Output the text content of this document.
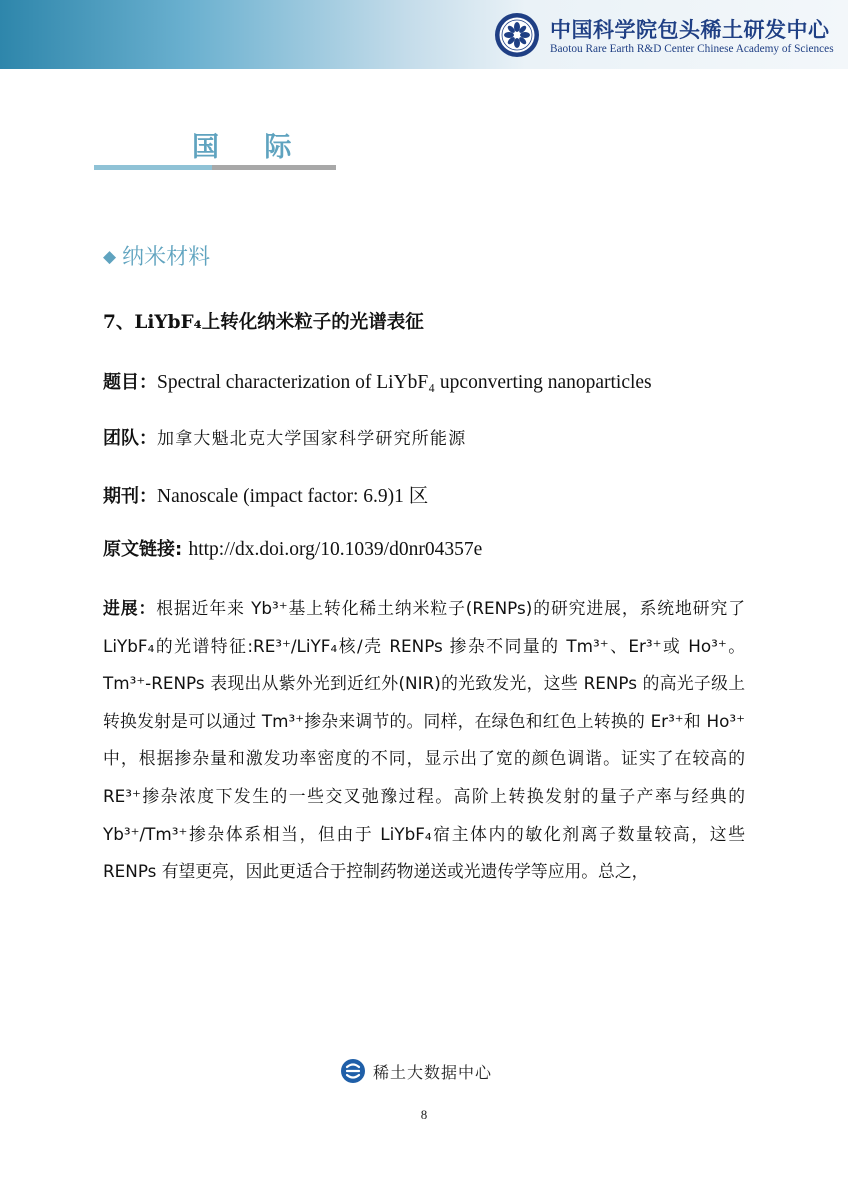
中国科学院包头稀土研发中心
Baotou Rare Earth R&D Center Chinese Academy of Sciences
国 际
◆ 纳米材料
7、LiYbF₄上转化纳米粒子的光谱表征
题目：Spectral characterization of LiYbF₄ upconverting nanoparticles
团队：加拿大魁北克大学国家科学研究所能源
期刊：Nanoscale (impact factor: 6.9)1 区
原文链接: http://dx.doi.org/10.1039/d0nr04357e

进展：根据近年来 Yb³⁺基上转化稀土纳米粒子(RENPs)的研究进展，系统地研究了 LiYbF₄的光谱特征:RE³⁺/LiYF₄核/壳 RENPs 掺杂不同量的 Tm³⁺、Er³⁺或 Ho³⁺。Tm³⁺-RENPs 表现出从紫外光到近红外(NIR)的光致发光，这些 RENPs 的高光子级上转换发射是可以通过 Tm³⁺掺杂来调节的。同样，在绿色和红色上转换的 Er³⁺和 Ho³⁺中，根据掺杂量和激发功率密度的不同，显示出了宽的颜色调谐。证实了在较高的 RE³⁺掺杂浓度下发生的一些交叉弛豫过程。高阶上转换发射的量子产率与经典的 Yb³⁺/Tm³⁺掺杂体系相当，但由于 LiYbF₄宿主体内的敏化剂离子数量较高，这些 RENPs 有望更亮，因此更适合于控制药物递送或光遗传学等应用。总之，

稀土大数据中心
8
